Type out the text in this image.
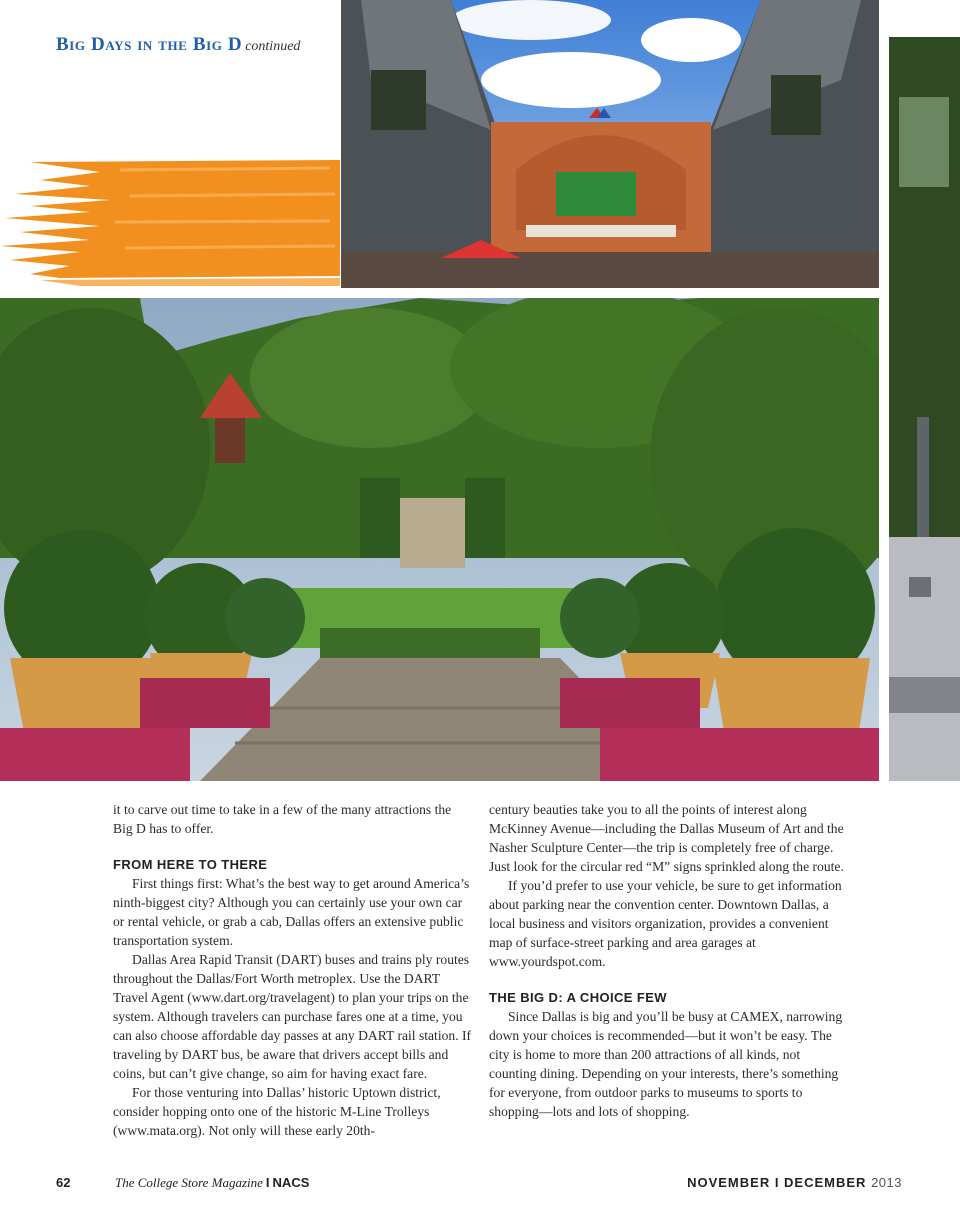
Big Days in the Big D continued

it to carve out time to take in a few of the many attractions the Big D has to offer.

FROM HERE TO THERE

First things first: What’s the best way to get around America’s ninth-biggest city? Although you can certainly use your own car or rental vehicle, or grab a cab, Dallas offers an extensive public transportation system.

Dallas Area Rapid Transit (DART) buses and trains ply routes throughout the Dallas/Fort Worth metroplex. Use the DART Travel Agent (www.dart.org/travelagent) to plan your trips on the system. Although travelers can purchase fares one at a time, you can also choose affordable day passes at any DART rail station. If traveling by DART bus, be aware that drivers accept bills and coins, but can’t give change, so aim for having exact fare.

For those venturing into Dallas’ historic Uptown district, consider hopping onto one of the historic M-Line Trolleys (www.mata.org). Not only will these early 20th-

century beauties take you to all the points of interest along McKinney Avenue—including the Dallas Museum of Art and the Nasher Sculpture Center—the trip is completely free of charge. Just look for the circular red “M” signs sprinkled along the route.

If you’d prefer to use your vehicle, be sure to get information about parking near the convention center. Downtown Dallas, a local business and visitors organization, provides a convenient map of surface-street parking and area garages at www.yourdspot.com.

THE BIG D: A CHOICE FEW

Since Dallas is big and you’ll be busy at CAMEX, narrowing down your choices is recommended—but it won’t be easy. The city is home to more than 200 attractions of all kinds, not counting dining. Depending on your interests, there’s something for everyone, from outdoor parks to museums to sports to shopping—lots and lots of shopping.

62	The College Store Magazine I NACS	NOVEMBER I DECEMBER 2013
